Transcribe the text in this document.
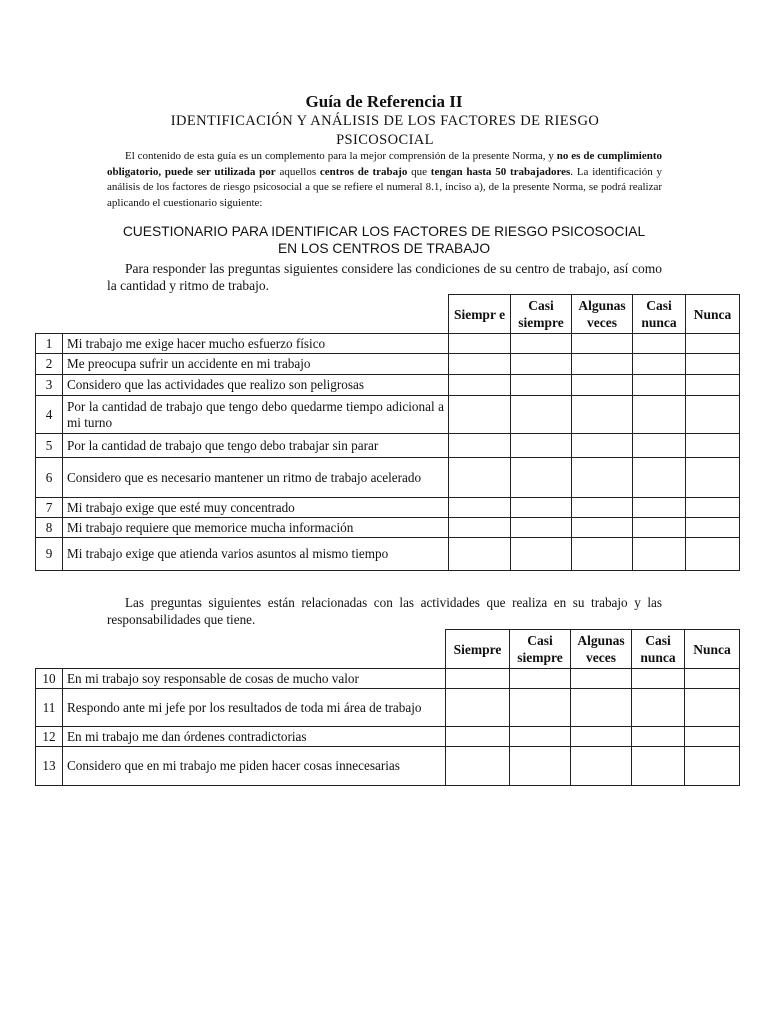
Guía de Referencia II
IDENTIFICACIÓN Y ANÁLISIS DE LOS FACTORES DE RIESGO PSICOSOCIAL
El contenido de esta guía es un complemento para la mejor comprensión de la presente Norma, y no es de cumplimiento obligatorio, puede ser utilizada por aquellos centros de trabajo que tengan hasta 50 trabajadores. La identificación y análisis de los factores de riesgo psicosocial a que se refiere el numeral 8.1, inciso a), de la presente Norma, se podrá realizar aplicando el cuestionario siguiente:
CUESTIONARIO PARA IDENTIFICAR LOS FACTORES DE RIESGO PSICOSOCIAL
EN LOS CENTROS DE TRABAJO
Para responder las preguntas siguientes considere las condiciones de su centro de trabajo, así como la cantidad y ritmo de trabajo.
		Siempr e	Casi siempre	Algunas veces	Casi nunca	Nunca
1	Mi trabajo me exige hacer mucho esfuerzo físico					
2	Me preocupa sufrir un accidente en mi trabajo					
3	Considero que las actividades que realizo son peligrosas					
4	Por la cantidad de trabajo que tengo debo quedarme tiempo adicional a mi turno					
5	Por la cantidad de trabajo que tengo debo trabajar sin parar					
6	Considero que es necesario mantener un ritmo de trabajo acelerado					
7	Mi trabajo exige que esté muy concentrado					
8	Mi trabajo requiere que memorice mucha información					
9	Mi trabajo exige que atienda varios asuntos al mismo tiempo					
Las preguntas siguientes están relacionadas con las actividades que realiza en su trabajo y las responsabilidades que tiene.
		Siempre	Casi siempre	Algunas veces	Casi nunca	Nunca
10	En mi trabajo soy responsable de cosas de mucho valor					
11	Respondo ante mi jefe por los resultados de toda mi área de trabajo					
12	En mi trabajo me dan órdenes contradictorias					
13	Considero que en mi trabajo me piden hacer cosas innecesarias					
